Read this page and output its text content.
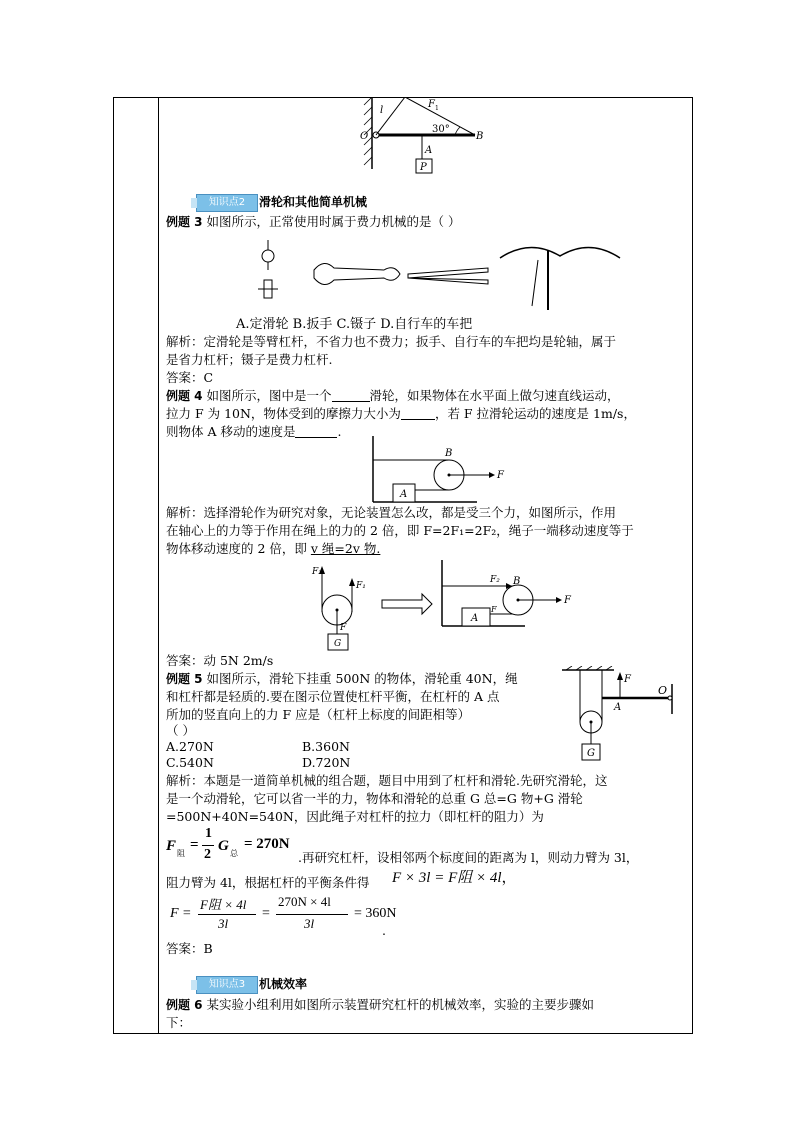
l
F 1
O
30°
B
A
P
知识点2	滑轮和其他简单机械
例题 3 如图所示，正常使用时属于费力机械的是（ ）
A.定滑轮 B.扳手 C.镊子 D.自行车的车把
解析：定滑轮是等臂杠杆，不省力也不费力；扳手、自行车的车把均是轮轴，属于
是省力杠杆；镊子是费力杠杆.
答案：C
例题 4 如图所示，图中是一个	滑轮，如果物体在水平面上做匀速直线运动，
拉力 F 为 10N，物体受到的摩擦力大小为	，若 F 拉滑轮运动的速度是 1m/s，
则物体 A 移动的速度是	.
B
F
A
解析：选择滑轮作为研究对象，无论装置怎么改，都是受三个力，如图所示，作用
在轴心上的力等于作用在绳上的力的 2 倍，即 F=2F₁=2F₂，绳子一端移动速度等于
物体移动速度的 2 倍，即 v 绳=2v 物.
F₂
F₁
F
G
F₂ B
F
F
A
答案：动 5N 2m/s
例题 5 如图所示，滑轮下挂重 500N 的物体，滑轮重 40N，绳
和杠杆都是轻质的.要在图示位置使杠杆平衡，在杠杆的 A 点
所加的竖直向上的力 F 应是（杠杆上标度的间距相等）
（ ）
A.270N	B.360N
C.540N	D.720N
F
O
A
G
解析：本题是一道简单机械的组合题，题目中用到了杠杆和滑轮.先研究滑轮，这
是一个动滑轮，它可以省一半的力，物体和滑轮的总重 G 总=G 物+G 滑轮
=500N+40N=540N，因此绳子对杠杆的拉力（即杠杆的阻力）为
F 阻
=
1
2
G 总
= 270N
.再研究杠杆，设相邻两个标度间的距离为 l，则动力臂为 3l，
阻力臂为 4l，根据杠杆的平衡条件得 F × 3l = F阻 × 4l，
F =
F阻 × 4l
3l
=
270N × 4l
3l
= 360N
.
答案：B
知识点3	机械效率
例题 6 某实验小组利用如图所示装置研究杠杆的机械效率，实验的主要步骤如
下：
